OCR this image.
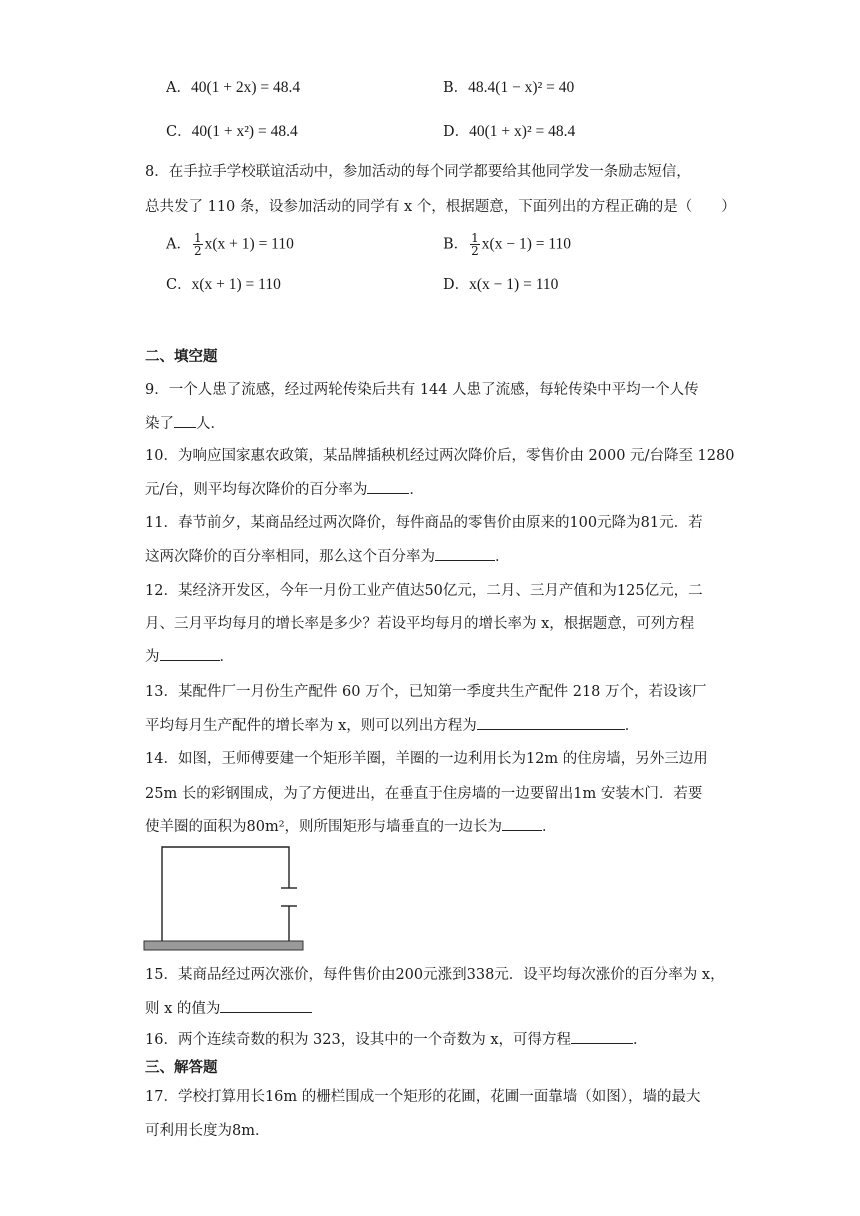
A．40(1 + 2x) = 48.4	B．48.4(1 − x)² = 40
C．40(1 + x²) = 48.4	D．40(1 + x)² = 48.4
8．在手拉手学校联谊活动中，参加活动的每个同学都要给其他同学发一条励志短信，
总共发了 110 条，设参加活动的同学有 x 个，根据题意，下面列出的方程正确的是（　　）
A． $\frac{1}{2} x(x + 1) = 110$	B． $\frac{1}{2} x(x - 1) = 110$
C．x(x + 1) = 110	D．x(x − 1) = 110
二、填空题
9．一个人患了流感，经过两轮传染后共有 144 人患了流感，每轮传染中平均一个人传
染了 人．
10．为响应国家惠农政策，某品牌插秧机经过两次降价后，零售价由 2000 元/台降至 1280
元/台，则平均每次降价的百分率为	．
11．春节前夕，某商品经过两次降价，每件商品的零售价由原来的100元降为81元．若
这两次降价的百分率相同，那么这个百分率为	．
12．某经济开发区，今年一月份工业产值达50亿元，二月、三月产值和为125亿元，二
月、三月平均每月的增长率是多少？若设平均每月的增长率为 x，根据题意，可列方程
为	．
13．某配件厂一月份生产配件 60 万个，已知第一季度共生产配件 218 万个，若设该厂
平均每月生产配件的增长率为 x，则可以列出方程为	．
14．如图，王师傅要建一个矩形羊圈，羊圈的一边利用长为12m 的住房墙，另外三边用
25m 长的彩钢围成，为了方便进出，在垂直于住房墙的一边要留出1m 安装木门．若要
使羊圈的面积为80m²，则所围矩形与墙垂直的一边长为	．
15．某商品经过两次涨价，每件售价由200元涨到338元．设平均每次涨价的百分率为 x，
则 x 的值为
16．两个连续奇数的积为 323，设其中的一个奇数为 x，可得方程	．
三、解答题
17．学校打算用长16m 的栅栏围成一个矩形的花圃，花圃一面靠墙（如图），墙的最大
可利用长度为8m．
